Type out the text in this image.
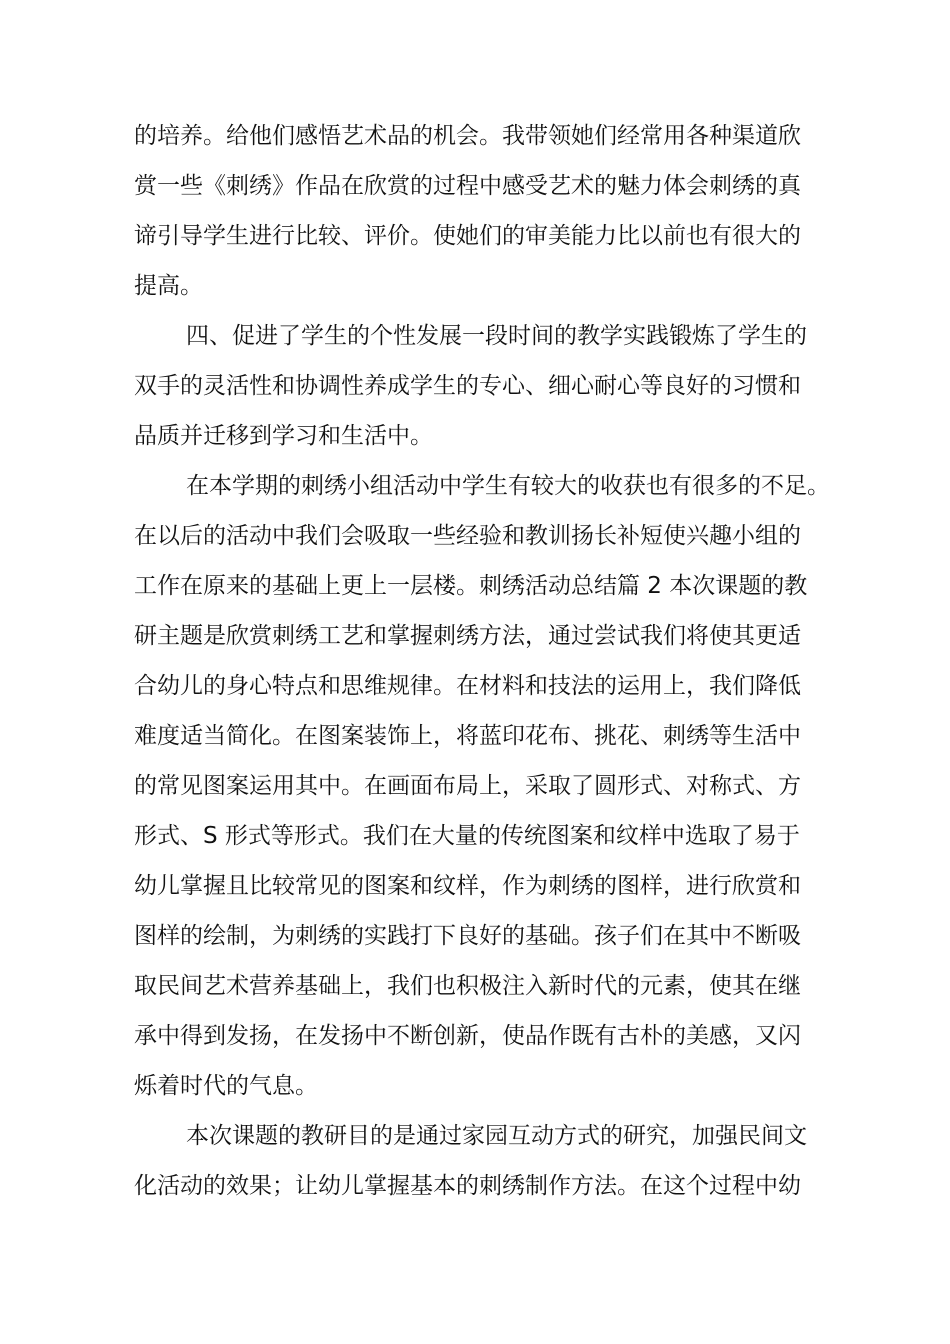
的培养。给他们感悟艺术品的机会。我带领她们经常用各种渠道欣
赏一些《刺绣》作品在欣赏的过程中感受艺术的魅力体会刺绣的真
谛引导学生进行比较、评价。使她们的审美能力比以前也有很大的
提高。
四、促进了学生的个性发展一段时间的教学实践锻炼了学生的
双手的灵活性和协调性养成学生的专心、细心耐心等良好的习惯和
品质并迁移到学习和生活中。
在本学期的刺绣小组活动中学生有较大的收获也有很多的不足。
在以后的活动中我们会吸取一些经验和教训扬长补短使兴趣小组的
工作在原来的基础上更上一层楼。刺绣活动总结篇 2 本次课题的教
研主题是欣赏刺绣工艺和掌握刺绣方法，通过尝试我们将使其更适
合幼儿的身心特点和思维规律。在材料和技法的运用上，我们降低
难度适当简化。在图案装饰上，将蓝印花布、挑花、刺绣等生活中
的常见图案运用其中。在画面布局上，采取了圆形式、对称式、方
形式、S 形式等形式。我们在大量的传统图案和纹样中选取了易于
幼儿掌握且比较常见的图案和纹样，作为刺绣的图样，进行欣赏和
图样的绘制，为刺绣的实践打下良好的基础。孩子们在其中不断吸
取民间艺术营养基础上，我们也积极注入新时代的元素，使其在继
承中得到发扬，在发扬中不断创新，使品作既有古朴的美感，又闪
烁着时代的气息。
本次课题的教研目的是通过家园互动方式的研究，加强民间文
化活动的效果；让幼儿掌握基本的刺绣制作方法。在这个过程中幼
